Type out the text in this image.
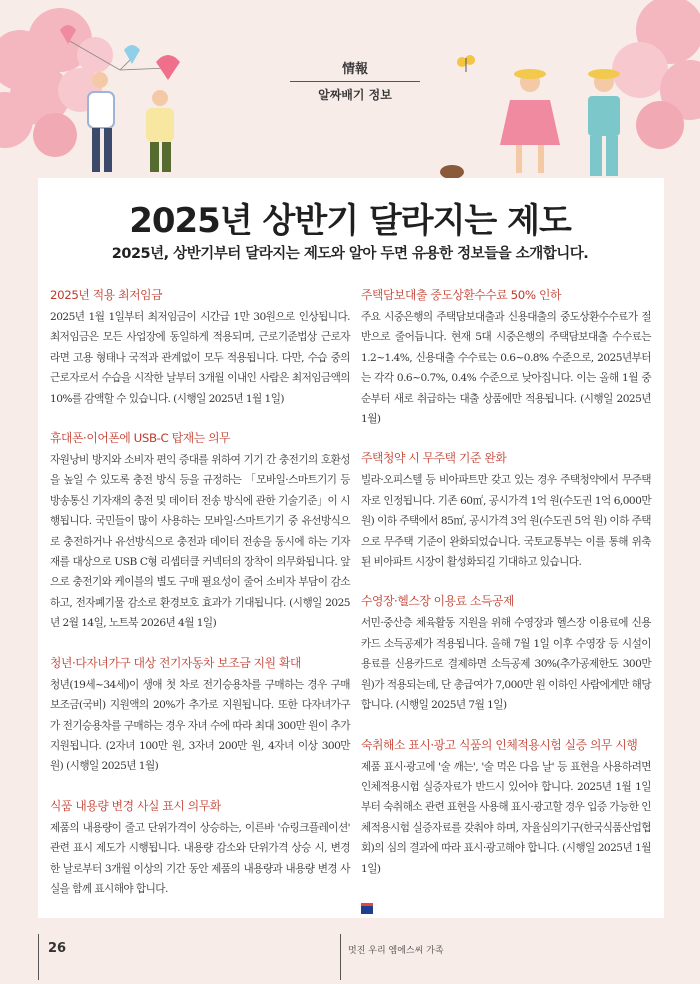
情報
알짜배기 정보
2025년 상반기 달라지는 제도
2025년, 상반기부터 달라지는 제도와 알아 두면 유용한 정보들을 소개합니다.
2025년 적용 최저임금

2025년 1월 1일부터 최저임금이 시간급 1만 30원으로 인상됩니다. 최저임금은 모든 사업장에 동일하게 적용되며, 근로기준법상 근로자라면 고용 형태나 국적과 관계없이 모두 적용됩니다. 다만, 수습 중의 근로자로서 수습을 시작한 날부터 3개월 이내인 사람은 최저임금액의 10%를 감액할 수 있습니다. (시행일 2025년 1월 1일)

휴대폰·이어폰에 USB-C 탑재는 의무

자원낭비 방지와 소비자 편익 증대를 위하여 기기 간 충전기의 호환성을 높일 수 있도록 충전 방식 등을 규정하는 「모바일·스마트기기 등 방송통신 기자재의 충전 및 데이터 전송 방식에 관한 기술기준」이 시행됩니다. 국민들이 많이 사용하는 모바일·스마트기기 중 유선방식으로 충전하거나 유선방식으로 충전과 데이터 전송을 동시에 하는 기자재를 대상으로 USB C형 리셉터클 커넥터의 장착이 의무화됩니다. 앞으로 충전기와 케이블의 별도 구매 필요성이 줄어 소비자 부담이 감소하고, 전자폐기물 감소로 환경보호 효과가 기대됩니다. (시행일 2025년 2월 14일, 노트북 2026년 4월 1일)

청년·다자녀가구 대상 전기자동차 보조금 지원 확대

청년(19세~34세)이 생애 첫 차로 전기승용차를 구매하는 경우 구매보조금(국비) 지원액의 20%가 추가로 지원됩니다. 또한 다자녀가구가 전기승용차를 구매하는 경우 자녀 수에 따라 최대 300만 원이 추가 지원됩니다. (2자녀 100만 원, 3자녀 200만 원, 4자녀 이상 300만 원) (시행일 2025년 1월)

식품 내용량 변경 사실 표시 의무화

제품의 내용량이 줄고 단위가격이 상승하는, 이른바 '슈링크플레이션' 관련 표시 제도가 시행됩니다. 내용량 감소와 단위가격 상승 시, 변경한 날로부터 3개월 이상의 기간 동안 제품의 내용량과 내용량 변경 사실을 함께 표시해야 합니다.

주택담보대출 중도상환수수료 50% 인하

주요 시중은행의 주택담보대출과 신용대출의 중도상환수수료가 절반으로 줄어듭니다. 현재 5대 시중은행의 주택담보대출 수수료는 1.2~1.4%, 신용대출 수수료는 0.6~0.8% 수준으로, 2025년부터는 각각 0.6~0.7%, 0.4% 수준으로 낮아집니다. 이는 올해 1월 중순부터 새로 취급하는 대출 상품에만 적용됩니다. (시행일 2025년 1월)

주택청약 시 무주택 기준 완화

빌라·오피스텔 등 비아파트만 갖고 있는 경우 주택청약에서 무주택자로 인정됩니다. 기존 60㎡, 공시가격 1억 원(수도권 1억 6,000만 원) 이하 주택에서 85㎡, 공시가격 3억 원(수도권 5억 원) 이하 주택으로 무주택 기준이 완화되었습니다. 국토교통부는 이를 통해 위축된 비아파트 시장이 활성화되길 기대하고 있습니다.

수영장·헬스장 이용료 소득공제

서민·중산층 체육활동 지원을 위해 수영장과 헬스장 이용료에 신용카드 소득공제가 적용됩니다. 올해 7월 1일 이후 수영장 등 시설이용료를 신용카드로 결제하면 소득공제 30%(추가공제한도 300만 원)가 적용되는데, 단 총급여가 7,000만 원 이하인 사람에게만 해당합니다. (시행일 2025년 7월 1일)

숙취해소 표시·광고 식품의 인체적용시험 실증 의무 시행

제품 표시·광고에 '술 깨는', '술 먹은 다음 날' 등 표현을 사용하려면 인체적용시험 실증자료가 반드시 있어야 합니다. 2025년 1월 1일부터 숙취해소 관련 표현을 사용해 표시·광고할 경우 입증 가능한 인체적용시험 실증자료를 갖춰야 하며, 자율심의기구(한국식품산업협회)의 심의 결과에 따라 표시·광고해야 합니다. (시행일 2025년 1월 1일)

26	멋진 우리 엠에스씨 가족
